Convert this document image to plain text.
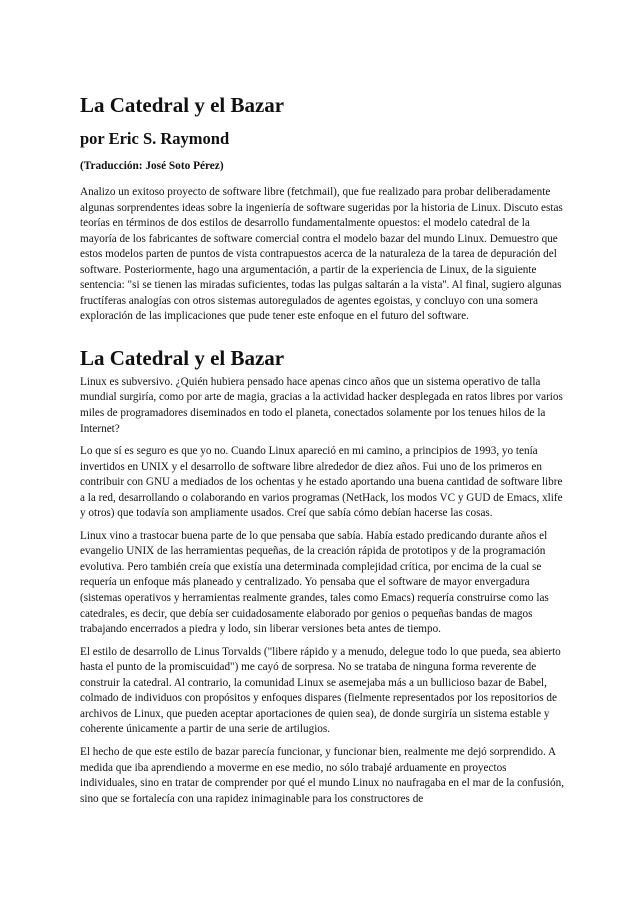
La Catedral y el Bazar
por Eric S. Raymond
(Traducción: José Soto Pérez)

Analizo un exitoso proyecto de software libre (fetchmail), que fue realizado para probar deliberadamente algunas sorprendentes ideas sobre la ingeniería de software sugeridas por la historia de Linux. Discuto estas teorías en términos de dos estilos de desarrollo fundamentalmente opuestos: el modelo catedral de la mayoría de los fabricantes de software comercial contra el modelo bazar del mundo Linux. Demuestro que estos modelos parten de puntos de vista contrapuestos acerca de la naturaleza de la tarea de depuración del software. Posteriormente, hago una argumentación, a partir de la experiencia de Linux, de la siguiente sentencia: "si se tienen las miradas suficientes, todas las pulgas saltarán a la vista''. Al final, sugiero algunas fructíferas analogías con otros sistemas autoregulados de agentes egoistas, y concluyo con una somera exploración de las implicaciones que pude tener este enfoque en el futuro del software.

La Catedral y el Bazar

Linux es subversivo. ¿Quién hubiera pensado hace apenas cinco años que un sistema operativo de talla mundial surgiría, como por arte de magia, gracias a la actividad hacker desplegada en ratos libres por varios miles de programadores diseminados en todo el planeta, conectados solamente por los tenues hilos de la Internet?

Lo que sí es seguro es que yo no. Cuando Linux apareció en mi camino, a principios de 1993, yo tenía invertidos en UNIX y el desarrollo de software libre alrededor de diez años. Fui uno de los primeros en contribuir con GNU a mediados de los ochentas y he estado aportando una buena cantidad de software libre a la red, desarrollando o colaborando en varios programas (NetHack, los modos VC y GUD de Emacs, xlife y otros) que todavía son ampliamente usados. Creí que sabía cómo debían hacerse las cosas.

Linux vino a trastocar buena parte de lo que pensaba que sabía. Había estado predicando durante años el evangelio UNIX de las herramientas pequeñas, de la creación rápida de prototipos y de la programación evolutiva. Pero también creía que existía una determinada complejidad crítica, por encima de la cual se requería un enfoque más planeado y centralizado. Yo pensaba que el software de mayor envergadura (sistemas operativos y herramientas realmente grandes, tales como Emacs) requería construirse como las catedrales, es decir, que debía ser cuidadosamente elaborado por genios o pequeñas bandas de magos trabajando encerrados a piedra y lodo, sin liberar versiones beta antes de tiempo.

El estilo de desarrollo de Linus Torvalds ("libere rápido y a menudo, delegue todo lo que pueda, sea abierto hasta el punto de la promiscuidad") me cayó de sorpresa. No se trataba de ninguna forma reverente de construir la catedral. Al contrario, la comunidad Linux se asemejaba más a un bullicioso bazar de Babel, colmado de individuos con propósitos y enfoques dispares (fielmente representados por los repositorios de archivos de Linux, que pueden aceptar aportaciones de quien sea), de donde surgiría un sistema estable y coherente únicamente a partir de una serie de artilugios.

El hecho de que este estilo de bazar parecía funcionar, y funcionar bien, realmente me dejó sorprendido. A medida que iba aprendiendo a moverme en ese medio, no sólo trabajé arduamente en proyectos individuales, sino en tratar de comprender por qué el mundo Linux no naufragaba en el mar de la confusión, sino que se fortalecía con una rapidez inimaginable para los constructores de
